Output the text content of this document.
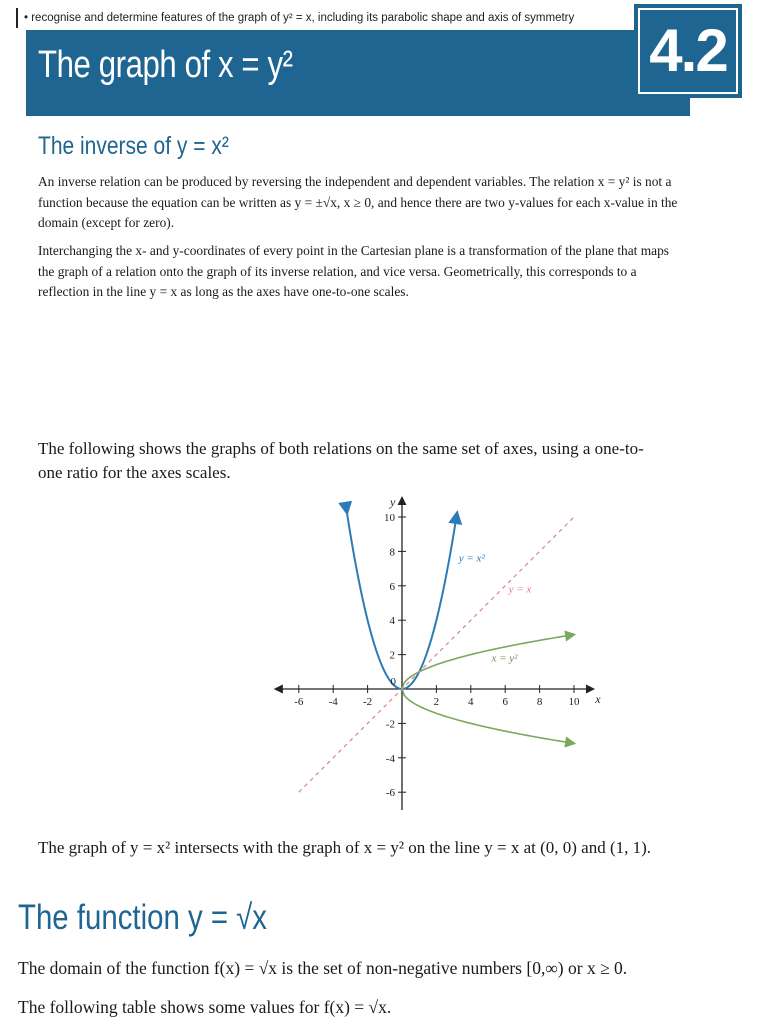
• recognise and determine features of the graph of y² = x, including its parabolic shape and axis of symmetry
The graph of x = y²	4.2
The inverse of y = x²
An inverse relation can be produced by reversing the independent and dependent variables. The relation x = y² is not a function because the equation can be written as y = ±√x, x ≥ 0, and hence there are two y-values for each x-value in the domain (except for zero).
Interchanging the x- and y-coordinates of every point in the Cartesian plane is a transformation of the plane that maps the graph of a relation onto the graph of its inverse relation, and vice versa. Geometrically, this corresponds to a reflection in the line y = x as long as the axes have one-to-one scales.
The following shows the graphs of both relations on the same set of axes, using a one-to-one ratio for the axes scales.
-6 -4 -2	2	4	6	8 10
-6
-4
-2
2
4
6
8
10
0
x
y
y = x²
x = y²
y = x
The graph of y = x² intersects with the graph of x = y² on the line y = x at (0, 0) and (1, 1).
The function y = √x
The domain of the function f(x) = √x is the set of non-negative numbers [0,∞) or x ≥ 0.
The following table shows some values for f(x) = √x.
